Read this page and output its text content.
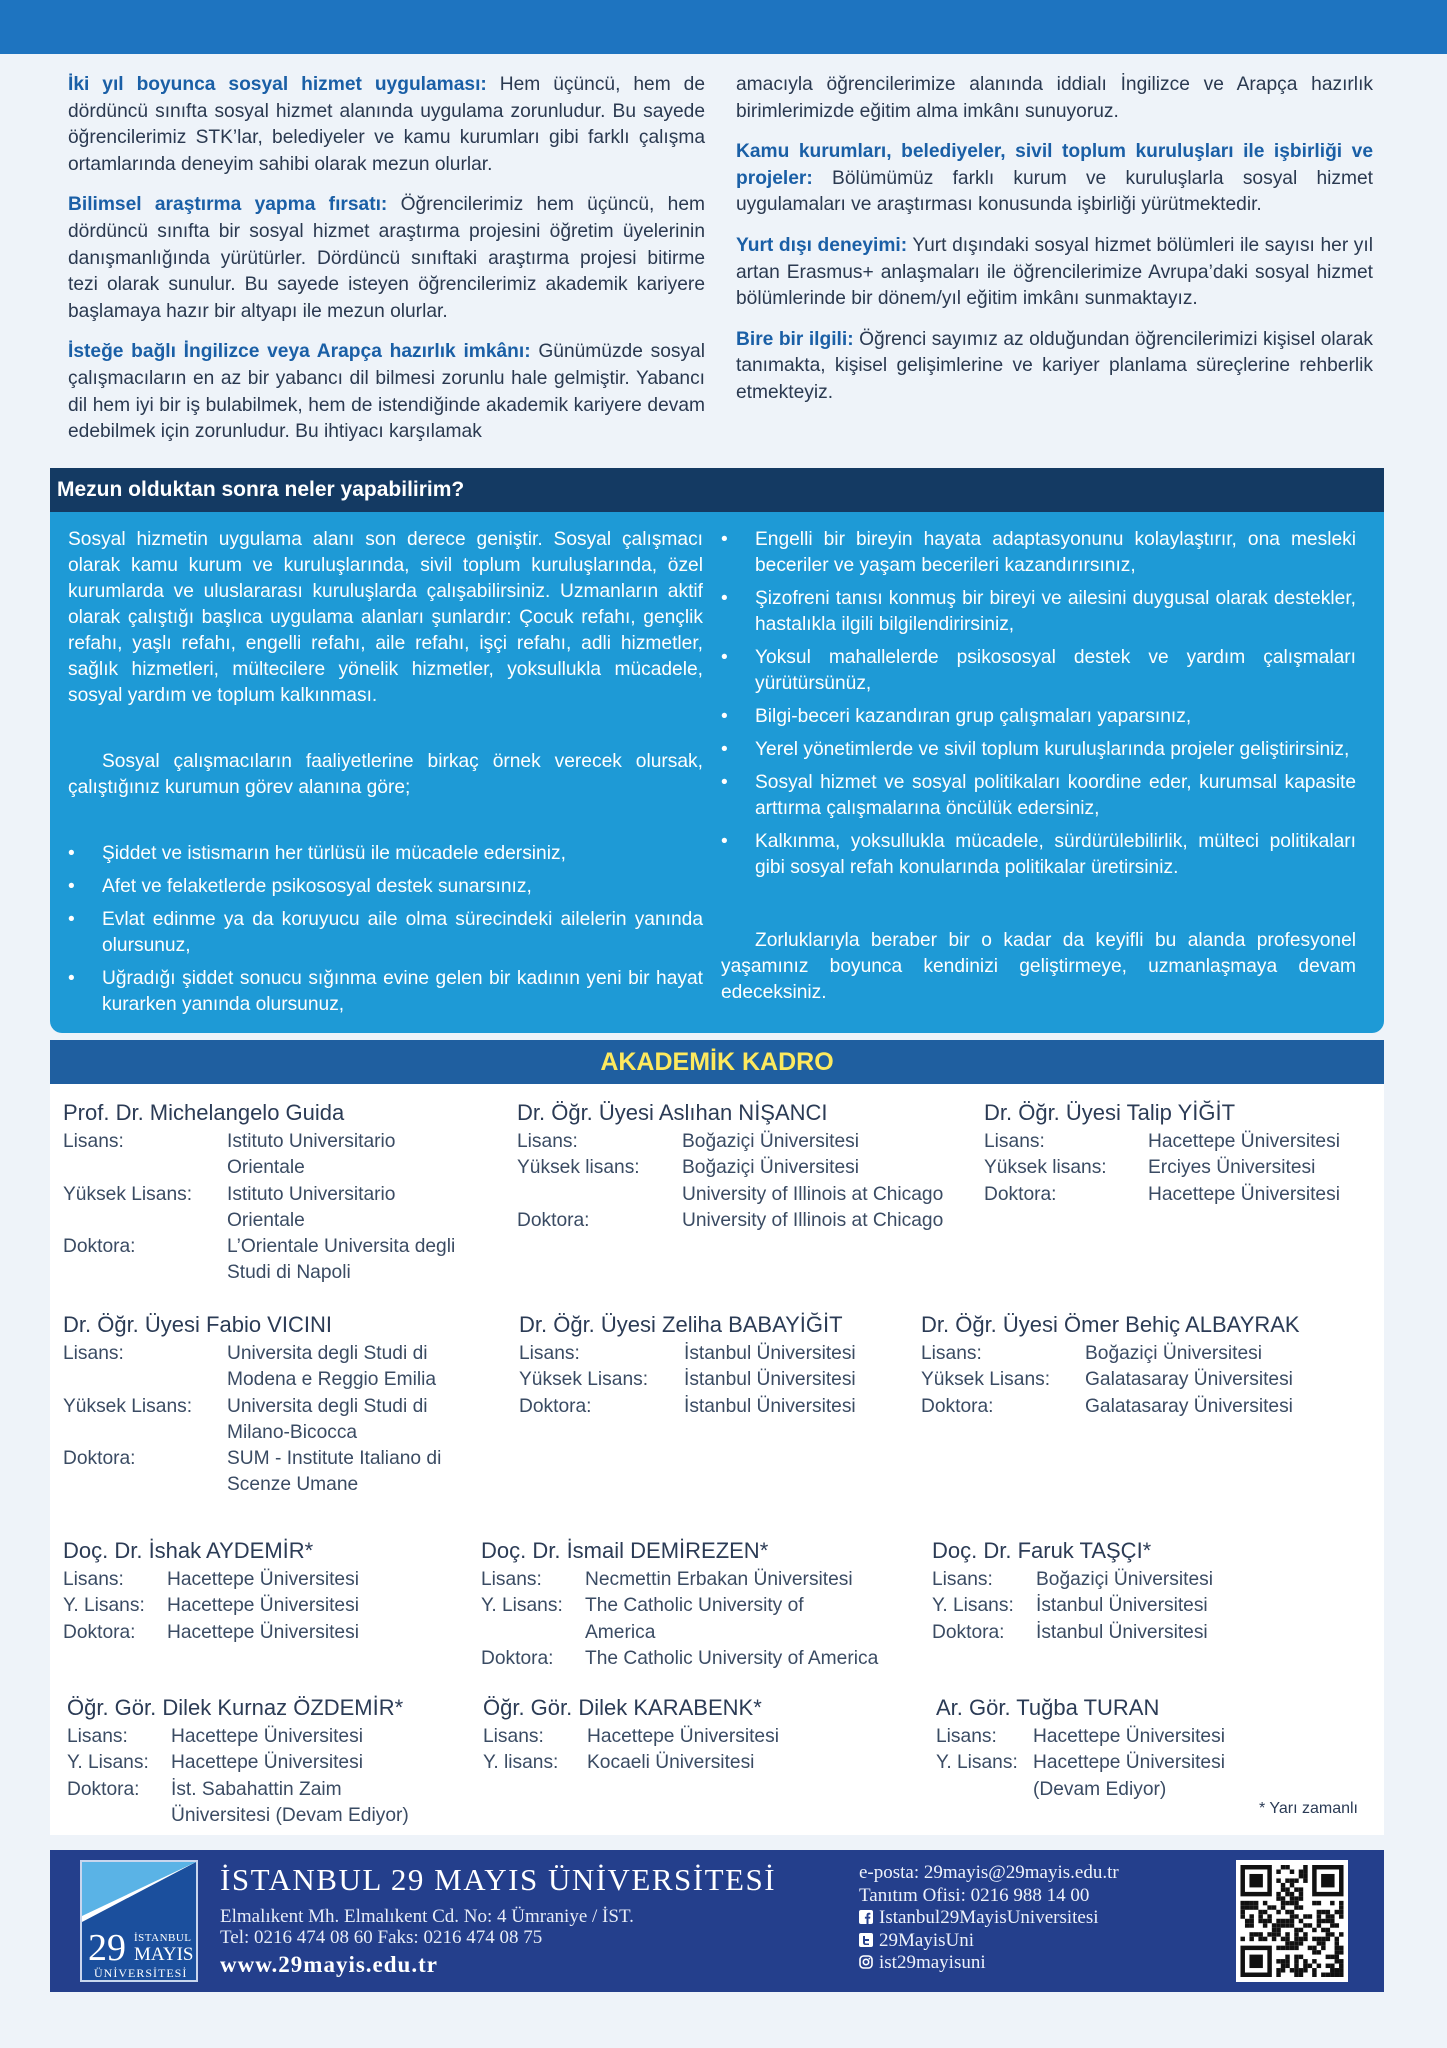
İki yıl boyunca sosyal hizmet uygulaması: Hem üçüncü, hem de dördüncü sınıfta sosyal hizmet alanında uygulama zorunludur. Bu sayede öğrencilerimiz STK’lar, belediyeler ve kamu kurumları gibi farklı çalışma ortamlarında deneyim sahibi olarak mezun olurlar.

Bilimsel araştırma yapma fırsatı: Öğrencilerimiz hem üçüncü, hem dördüncü sınıfta bir sosyal hizmet araştırma projesini öğretim üyelerinin danışmanlığında yürütürler. Dördüncü sınıftaki araştırma projesi bitirme tezi olarak sunulur. Bu sayede isteyen öğrencilerimiz akademik kariyere başlamaya hazır bir altyapı ile mezun olurlar.

İsteğe bağlı İngilizce veya Arapça hazırlık imkânı: Günümüzde sosyal çalışmacıların en az bir yabancı dil bilmesi zorunlu hale gelmiştir. Yabancı dil hem iyi bir iş bulabilmek, hem de istendiğinde akademik kariyere devam edebilmek için zorunludur. Bu ihtiyacı karşılamak

amacıyla öğrencilerimize alanında iddialı İngilizce ve Arapça hazırlık birimlerimizde eğitim alma imkânı sunuyoruz.

Kamu kurumları, belediyeler, sivil toplum kuruluşları ile işbirliği ve projeler: Bölümümüz farklı kurum ve kuruluşlarla sosyal hizmet uygulamaları ve araştırması konusunda işbirliği yürütmektedir.

Yurt dışı deneyimi: Yurt dışındaki sosyal hizmet bölümleri ile sayısı her yıl artan Erasmus+ anlaşmaları ile öğrencilerimize Avrupa’daki sosyal hizmet bölümlerinde bir dönem/yıl eğitim imkânı sunmaktayız.

Bire bir ilgili: Öğrenci sayımız az olduğundan öğrencilerimizi kişisel olarak tanımakta, kişisel gelişimlerine ve kariyer planlama süreçlerine rehberlik etmekteyiz.

Mezun olduktan sonra neler yapabilirim?

Sosyal hizmetin uygulama alanı son derece geniştir. Sosyal çalışmacı olarak kamu kurum ve kuruluşlarında, sivil toplum kuruluşlarında, özel kurumlarda ve uluslararası kuruluşlarda çalışabilirsiniz. Uzmanların aktif olarak çalıştığı başlıca uygulama alanları şunlardır: Çocuk refahı, gençlik refahı, yaşlı refahı, engelli refahı, aile refahı, işçi refahı, adli hizmetler, sağlık hizmetleri, mültecilere yönelik hizmetler, yoksullukla mücadele, sosyal yardım ve toplum kalkınması.

Sosyal çalışmacıların faaliyetlerine birkaç örnek verecek olursak, çalıştığınız kurumun görev alanına göre;

• Şiddet ve istismarın her türlüsü ile mücadele edersiniz,
• Afet ve felaketlerde psikososyal destek sunarsınız,
• Evlat edinme ya da koruyucu aile olma sürecindeki ailelerin yanında olursunuz,
• Uğradığı şiddet sonucu sığınma evine gelen bir kadının yeni bir hayat kurarken yanında olursunuz,
• Engelli bir bireyin hayata adaptasyonunu kolaylaştırır, ona mesleki beceriler ve yaşam becerileri kazandırırsınız,
• Şizofreni tanısı konmuş bir bireyi ve ailesini duygusal olarak destekler, hastalıkla ilgili bilgilendirirsiniz,
• Yoksul mahallelerde psikososyal destek ve yardım çalışmaları yürütürsünüz,
• Bilgi-beceri kazandıran grup çalışmaları yaparsınız,
• Yerel yönetimlerde ve sivil toplum kuruluşlarında projeler geliştirirsiniz,
• Sosyal hizmet ve sosyal politikaları koordine eder, kurumsal kapasite arttırma çalışmalarına öncülük edersiniz,
• Kalkınma, yoksullukla mücadele, sürdürülebilirlik, mülteci politikaları gibi sosyal refah konularında politikalar üretirsiniz.

Zorluklarıyla beraber bir o kadar da keyifli bu alanda profesyonel yaşamınız boyunca kendinizi geliştirmeye, uzmanlaşmaya devam edeceksiniz.

AKADEMİK KADRO
* Yarı zamanlı
Prof. Dr. Michelangelo Guida
Lisans:	Istituto Universitario Orientale
Yüksek Lisans:	Istituto Universitario Orientale
Doktora:	L’Orientale Universita degli Studi di Napoli
Dr. Öğr. Üyesi Aslıhan NİŞANCI
Lisans:	Boğaziçi Üniversitesi
Yüksek lisans:	Boğaziçi Üniversitesi
University of Illinois at Chicago
Doktora:	University of Illinois at Chicago
Dr. Öğr. Üyesi Talip YİĞİT
Lisans:	Hacettepe Üniversitesi
Yüksek lisans:	Erciyes Üniversitesi
Doktora:	Hacettepe Üniversitesi
Dr. Öğr. Üyesi Fabio VICINI
Lisans:	Universita degli Studi di Modena e Reggio Emilia
Yüksek Lisans:	Universita degli Studi di Milano-Bicocca
Doktora:	SUM - Institute Italiano di Scenze Umane
Dr. Öğr. Üyesi Zeliha BABAYİĞİT
Lisans:	İstanbul Üniversitesi
Yüksek Lisans:	İstanbul Üniversitesi
Doktora:	İstanbul Üniversitesi
Dr. Öğr. Üyesi Ömer Behiç ALBAYRAK
Lisans:	Boğaziçi Üniversitesi
Yüksek Lisans:	Galatasaray Üniversitesi
Doktora:	Galatasaray Üniversitesi
Doç. Dr. İshak AYDEMİR*
Lisans:	Hacettepe Üniversitesi
Y. Lisans:	Hacettepe Üniversitesi
Doktora:	Hacettepe Üniversitesi
Doç. Dr. İsmail DEMİREZEN*
Lisans:	Necmettin Erbakan Üniversitesi
Y. Lisans:	The Catholic University of America
Doktora:	The Catholic University of America
Doç. Dr. Faruk TAŞÇI*
Lisans:	Boğaziçi Üniversitesi
Y. Lisans:	İstanbul Üniversitesi
Doktora:	İstanbul Üniversitesi
Öğr. Gör. Dilek Kurnaz ÖZDEMİR*
Lisans:	Hacettepe Üniversitesi
Y. Lisans:	Hacettepe Üniversitesi
Doktora:	İst. Sabahattin Zaim Üniversitesi (Devam Ediyor)
Öğr. Gör. Dilek KARABENK*
Lisans:	Hacettepe Üniversitesi
Y. lisans:	Kocaeli Üniversitesi
Ar. Gör. Tuğba TURAN
Lisans:	Hacettepe Üniversitesi
Y. Lisans: Hacettepe Üniversitesi (Devam Ediyor)
29 İSTANBUL
MAYIS
ÜNİVERSİTESİ
İSTANBUL 29 MAYIS ÜNİVERSİTESİ
Elmalıkent Mh. Elmalıkent Cd. No: 4 Ümraniye / İST.
Tel: 0216 474 08 60 Faks: 0216 474 08 75
www.29mayis.edu.tr
e-posta: 29mayis@29mayis.edu.tr
Tanıtım Ofisi: 0216 988 14 00
Istanbul29MayisUniversitesi
29MayisUni
ist29mayisuni
